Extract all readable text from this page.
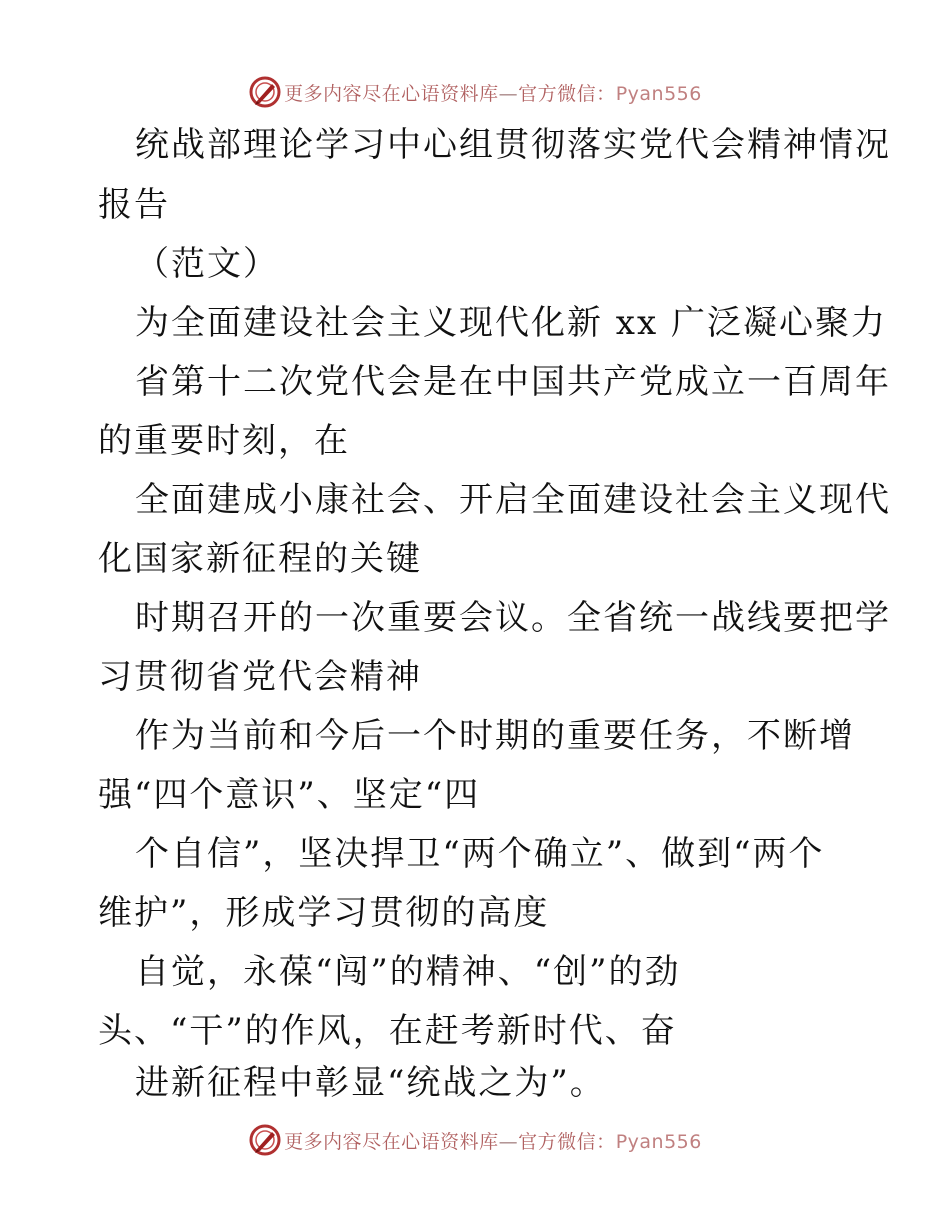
更多内容尽在心语资料库—官方微信：Pyan556
统战部理论学习中心组贯彻落实党代会精神情况
报告
（范文）
为全面建设社会主义现代化新 xx 广泛凝心聚力
省第十二次党代会是在中国共产党成立一百周年
的重要时刻，在
全面建成小康社会、开启全面建设社会主义现代
化国家新征程的关键
时期召开的一次重要会议。全省统一战线要把学
习贯彻省党代会精神
作为当前和今后一个时期的重要任务，不断增
强“四个意识”、坚定“四
个自信”，坚决捍卫“两个确立”、做到“两个
维护”，形成学习贯彻的高度
自觉，永葆“闯”的精神、“创”的劲
头、“干”的作风，在赶考新时代、奋
进新征程中彰显“统战之为”。
更多内容尽在心语资料库—官方微信：Pyan556
